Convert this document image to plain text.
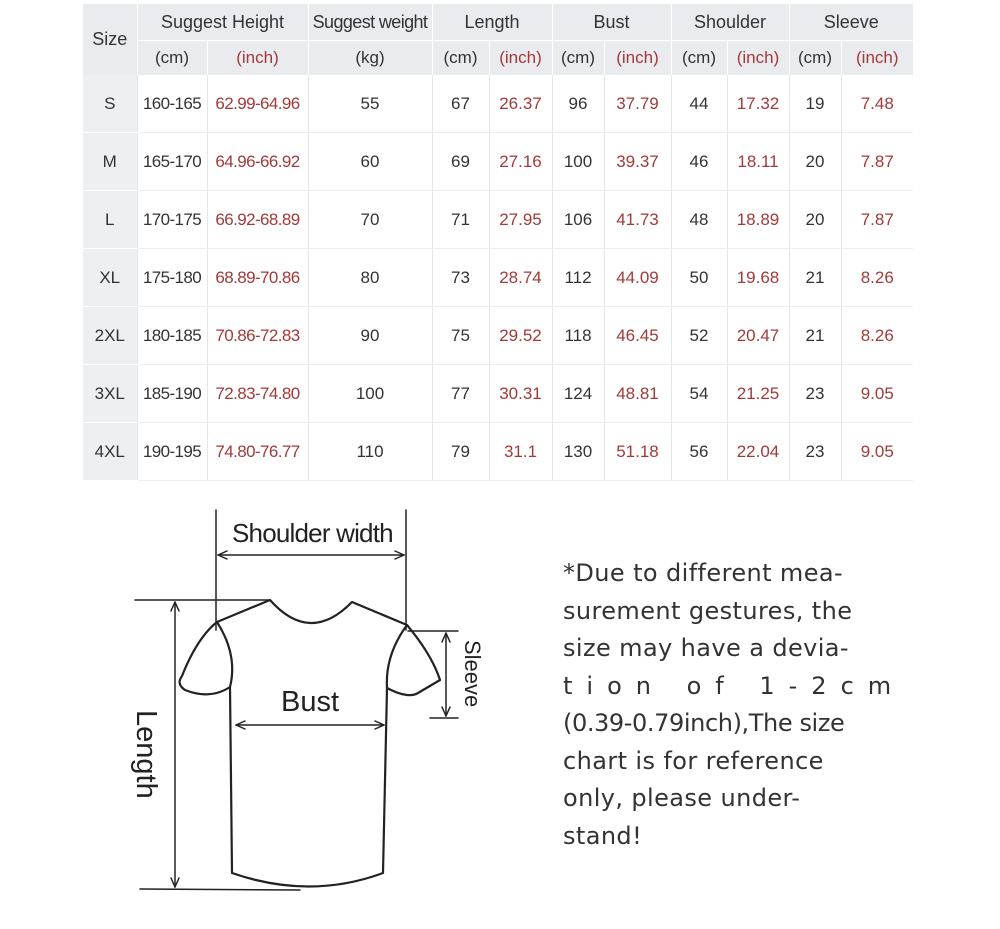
Size	Suggest Height		Suggest weight	Length		Bust		Shoulder		Sleeve	
	(cm)	(inch)	(kg)	(cm)	(inch)	(cm)	(inch)	(cm)	(inch)	(cm)	(inch)
S	160-165	62.99-64.96	55	67	26.37	96	37.79	44	17.32	19	7.48
M	165-170	64.96-66.92	60	69	27.16	100	39.37	46	18.11	20	7.87
L	170-175	66.92-68.89	70	71	27.95	106	41.73	48	18.89	20	7.87
XL	175-180	68.89-70.86	80	73	28.74	112	44.09	50	19.68	21	8.26
2XL	180-185	70.86-72.83	90	75	29.52	118	46.45	52	20.47	21	8.26
3XL	185-190	72.83-74.80	100	77	30.31	124	48.81	54	21.25	23	9.05
4XL	190-195	74.80-76.77	110	79	31.1	130	51.18	56	22.04	23	9.05
Shoulder width
Bust
Length
Sleeve

*Due to different mea-
surement gestures, the
size may have a devia-
tion of 1-2cm
(0.39-0.79inch),The size
chart is for reference
only, please under-
stand!
